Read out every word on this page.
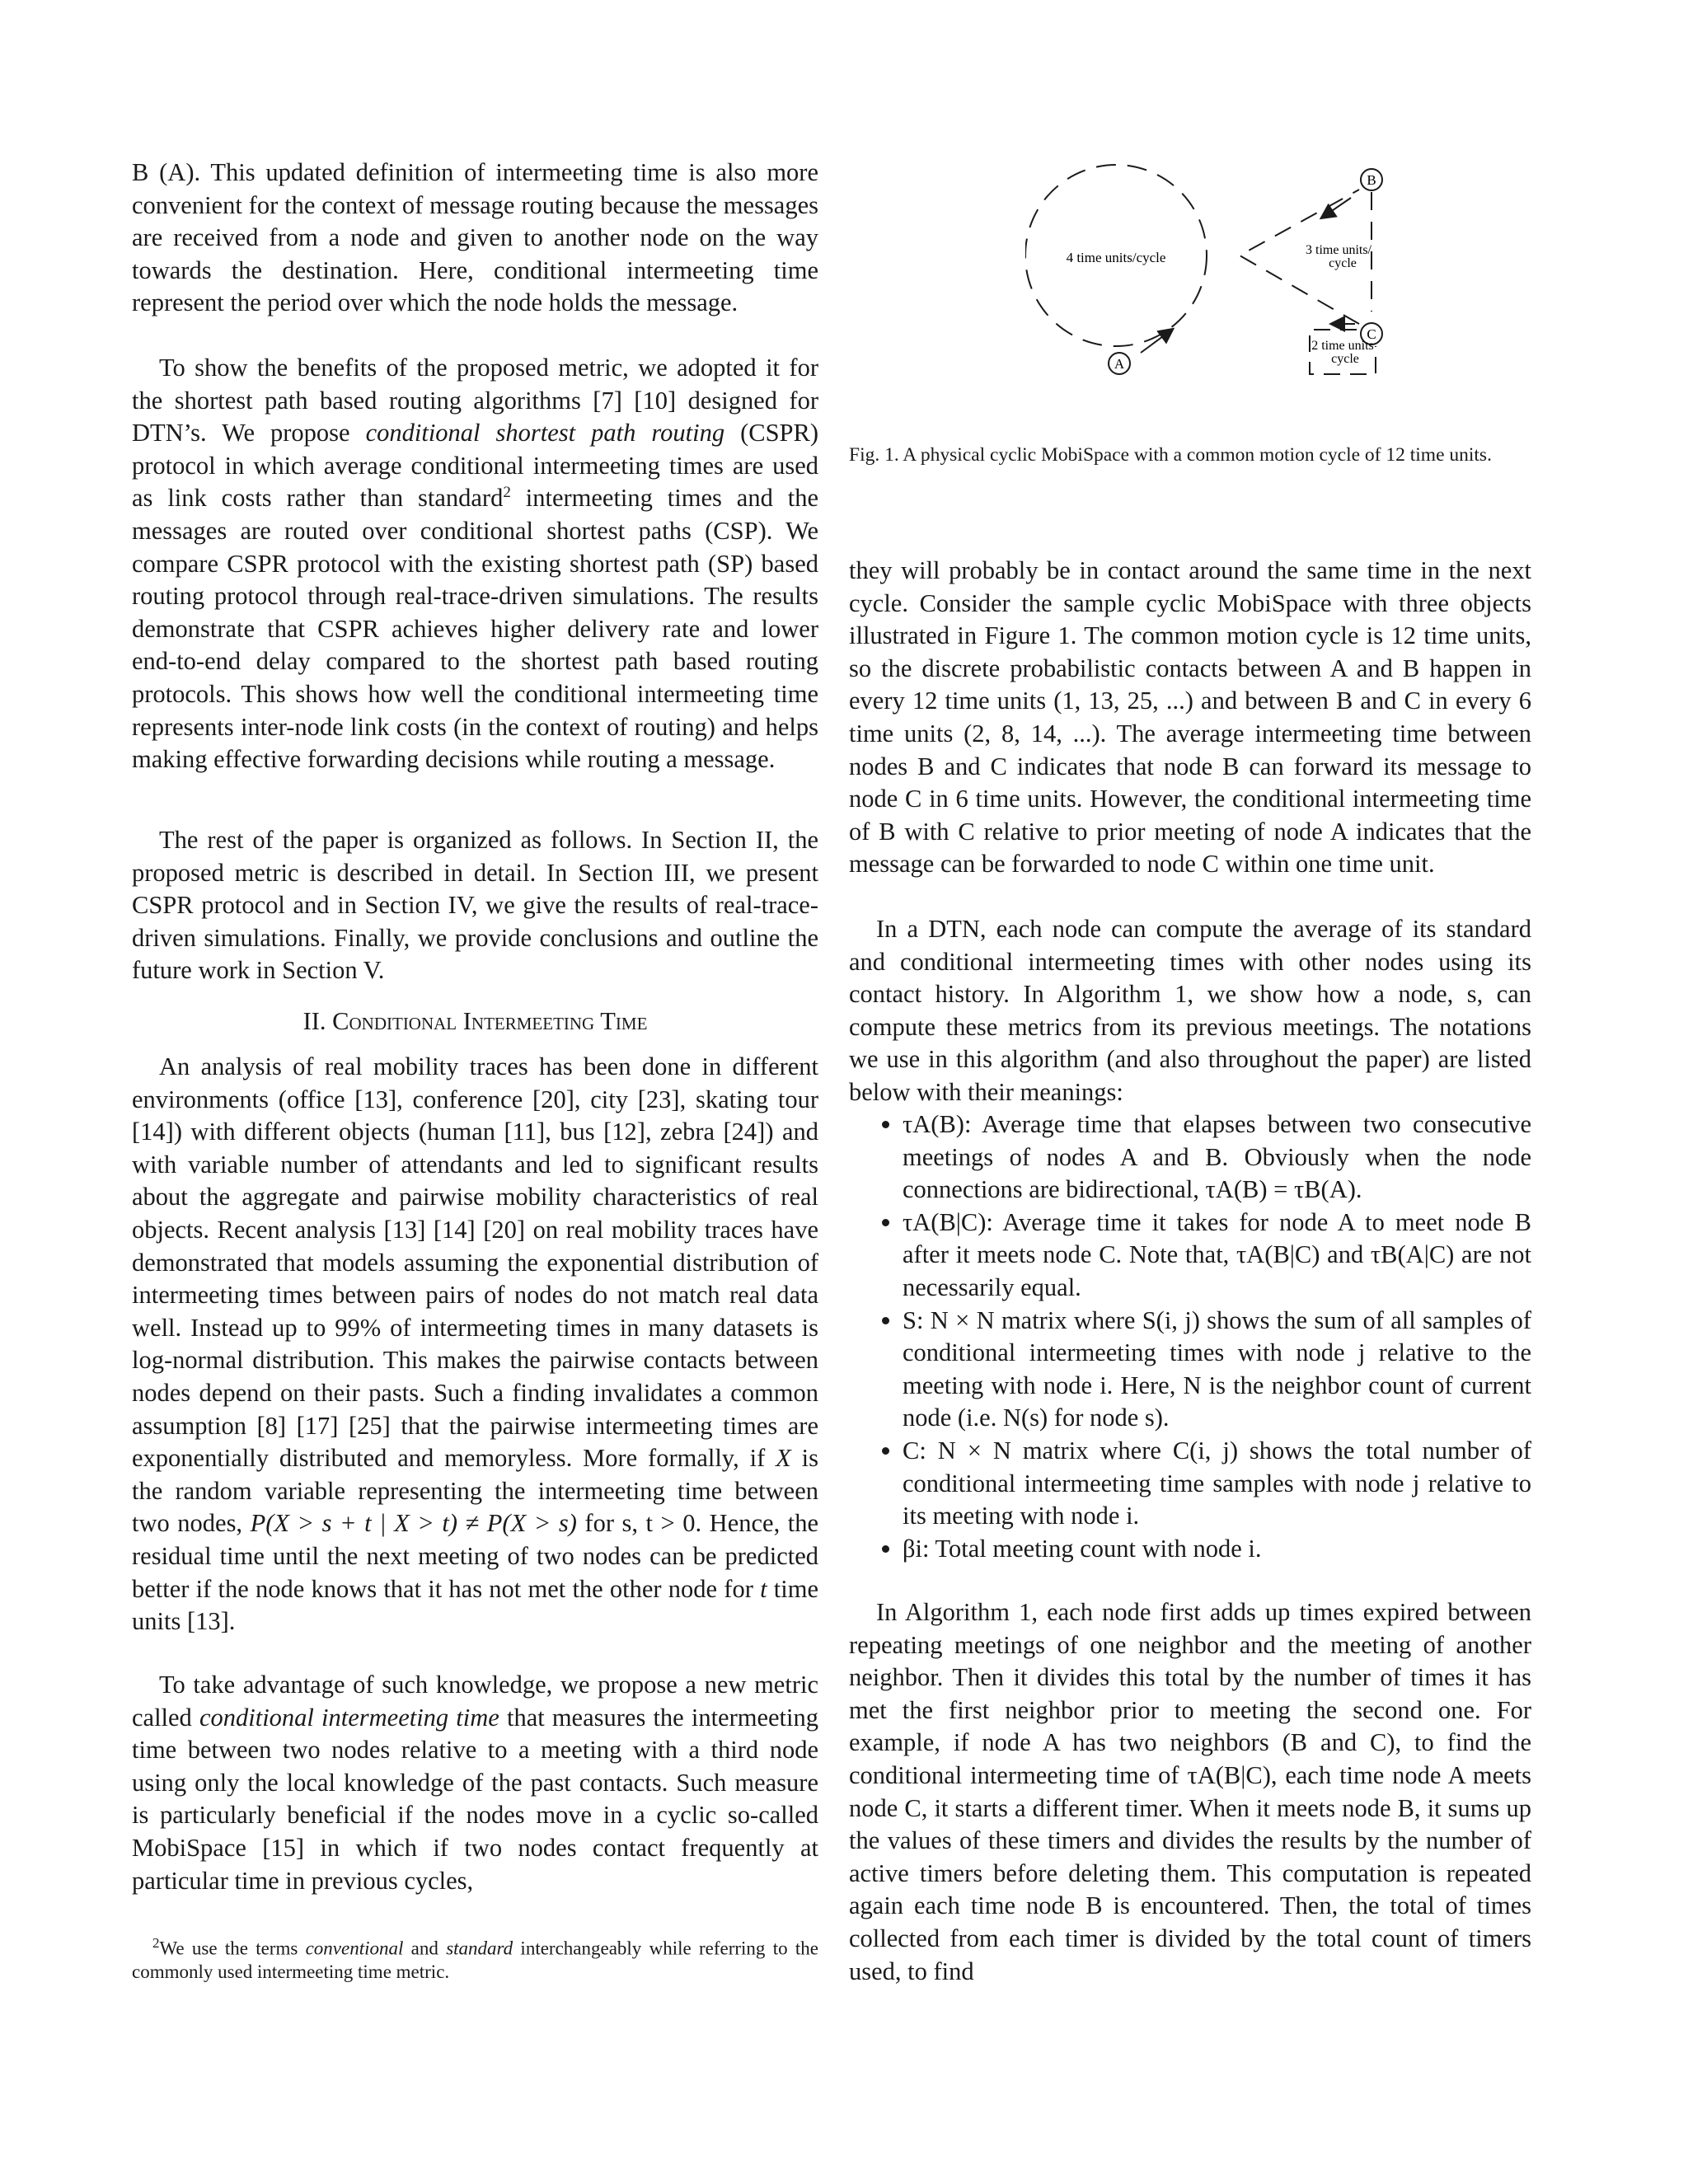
B (A). This updated definition of intermeeting time is also more convenient for the context of message routing because the messages are received from a node and given to another node on the way towards the destination. Here, conditional intermeeting time represent the period over which the node holds the message.

To show the benefits of the proposed metric, we adopted it for the shortest path based routing algorithms [7] [10] designed for DTN’s. We propose conditional shortest path routing (CSPR) protocol in which average conditional intermeeting times are used as link costs rather than standard$^2$ intermeeting times and the messages are routed over conditional shortest paths (CSP). We compare CSPR protocol with the existing shortest path (SP) based routing protocol through real-trace-driven simulations. The results demonstrate that CSPR achieves higher delivery rate and lower end-to-end delay compared to the shortest path based routing protocols. This shows how well the conditional intermeeting time represents inter-node link costs (in the context of routing) and helps making effective forwarding decisions while routing a message.

The rest of the paper is organized as follows. In Section II, the proposed metric is described in detail. In Section III, we present CSPR protocol and in Section IV, we give the results of real-trace-driven simulations. Finally, we provide conclusions and outline the future work in Section V.

II. Conditional Intermeeting Time

An analysis of real mobility traces has been done in different environments (office [13], conference [20], city [23], skating tour [14]) with different objects (human [11], bus [12], zebra [24]) and with variable number of attendants and led to significant results about the aggregate and pairwise mobility characteristics of real objects. Recent analysis [13] [14] [20] on real mobility traces have demonstrated that models assuming the exponential distribution of intermeeting times between pairs of nodes do not match real data well. Instead up to 99% of intermeeting times in many datasets is log-normal distribution. This makes the pairwise contacts between nodes depend on their pasts. Such a finding invalidates a common assumption [8] [17] [25] that the pairwise intermeeting times are exponentially distributed and memoryless. More formally, if X is the random variable representing the intermeeting time between two nodes, P(X > s + t | X > t) ≠ P(X > s) for s, t > 0. Hence, the residual time until the next meeting of two nodes can be predicted better if the node knows that it has not met the other node for t time units [13].

To take advantage of such knowledge, we propose a new metric called conditional intermeeting time that measures the intermeeting time between two nodes relative to a meeting with a third node using only the local knowledge of the past contacts. Such measure is particularly beneficial if the nodes move in a cyclic so-called MobiSpace [15] in which if two nodes contact frequently at particular time in previous cycles,

$^2$We use the terms conventional and standard interchangeably while referring to the commonly used intermeeting time metric.
4 time units/cycle
A
B
C
3 time units/
cycle
2 time units
cycle
Fig. 1. A physical cyclic MobiSpace with a common motion cycle of 12 time units.

they will probably be in contact around the same time in the next cycle. Consider the sample cyclic MobiSpace with three objects illustrated in Figure 1. The common motion cycle is 12 time units, so the discrete probabilistic contacts between A and B happen in every 12 time units (1, 13, 25, ...) and between B and C in every 6 time units (2, 8, 14, ...). The average intermeeting time between nodes B and C indicates that node B can forward its message to node C in 6 time units. However, the conditional intermeeting time of B with C relative to prior meeting of node A indicates that the message can be forwarded to node C within one time unit.

In a DTN, each node can compute the average of its standard and conditional intermeeting times with other nodes using its contact history. In Algorithm 1, we show how a node, s, can compute these metrics from its previous meetings. The notations we use in this algorithm (and also throughout the paper) are listed below with their meanings:

• τA(B): Average time that elapses between two consecutive meetings of nodes A and B. Obviously when the node connections are bidirectional, τA(B) = τB(A).
• τA(B|C): Average time it takes for node A to meet node B after it meets node C. Note that, τA(B|C) and τB(A|C) are not necessarily equal.
• S: N × N matrix where S(i, j) shows the sum of all samples of conditional intermeeting times with node j relative to the meeting with node i. Here, N is the neighbor count of current node (i.e. N(s) for node s).
• C: N × N matrix where C(i, j) shows the total number of conditional intermeeting time samples with node j relative to its meeting with node i.
• βi: Total meeting count with node i.

In Algorithm 1, each node first adds up times expired between repeating meetings of one neighbor and the meeting of another neighbor. Then it divides this total by the number of times it has met the first neighbor prior to meeting the second one. For example, if node A has two neighbors (B and C), to find the conditional intermeeting time of τA(B|C), each time node A meets node C, it starts a different timer. When it meets node B, it sums up the values of these timers and divides the results by the number of active timers before deleting them. This computation is repeated again each time node B is encountered. Then, the total of times collected from each timer is divided by the total count of timers used, to find
